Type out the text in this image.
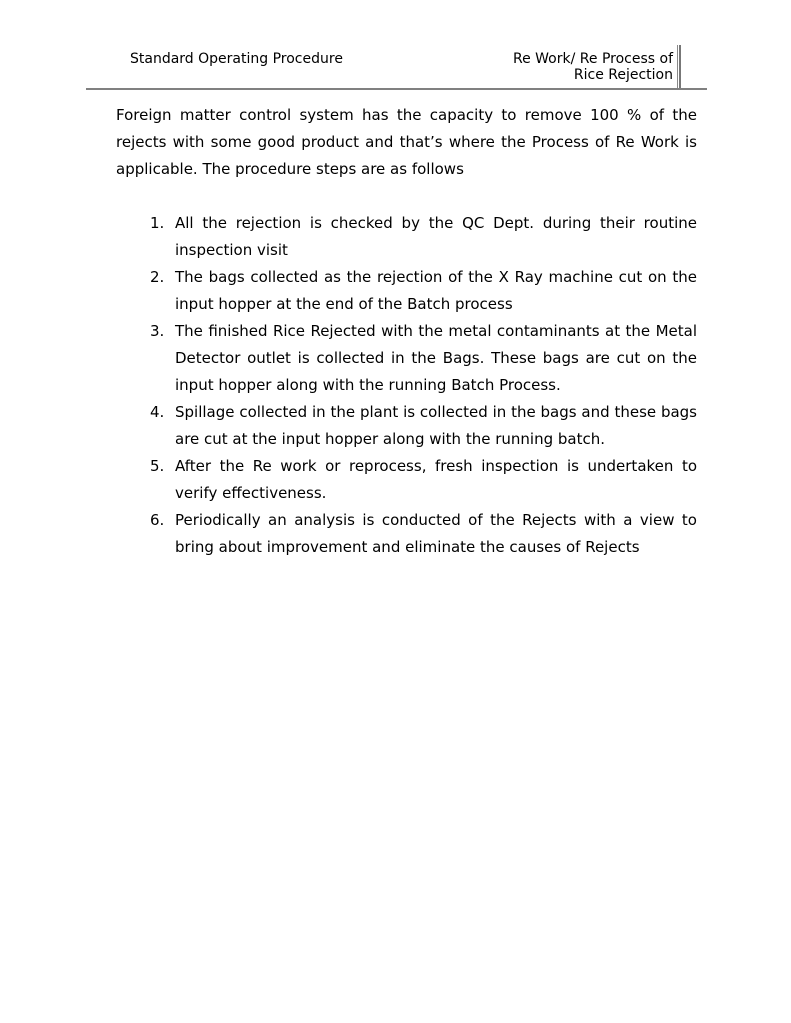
Standard Operating Procedure	Re Work/ Re Process of
Rice Rejection

Foreign matter control system has the capacity to remove 100 % of the rejects with some good product and that’s where the Process of Re Work is applicable. The procedure steps are as follows

1. All the rejection is checked by the QC Dept. during their routine inspection visit
2. The bags collected as the rejection of the X Ray machine cut on the input hopper at the end of the Batch process
3. The finished Rice Rejected with the metal contaminants at the Metal Detector outlet is collected in the Bags. These bags are cut on the input hopper along with the running Batch Process.
4. Spillage collected in the plant is collected in the bags and these bags are cut at the input hopper along with the running batch.
5. After the Re work or reprocess, fresh inspection is undertaken to verify effectiveness.
6. Periodically an analysis is conducted of the Rejects with a view to bring about improvement and eliminate the causes of Rejects
